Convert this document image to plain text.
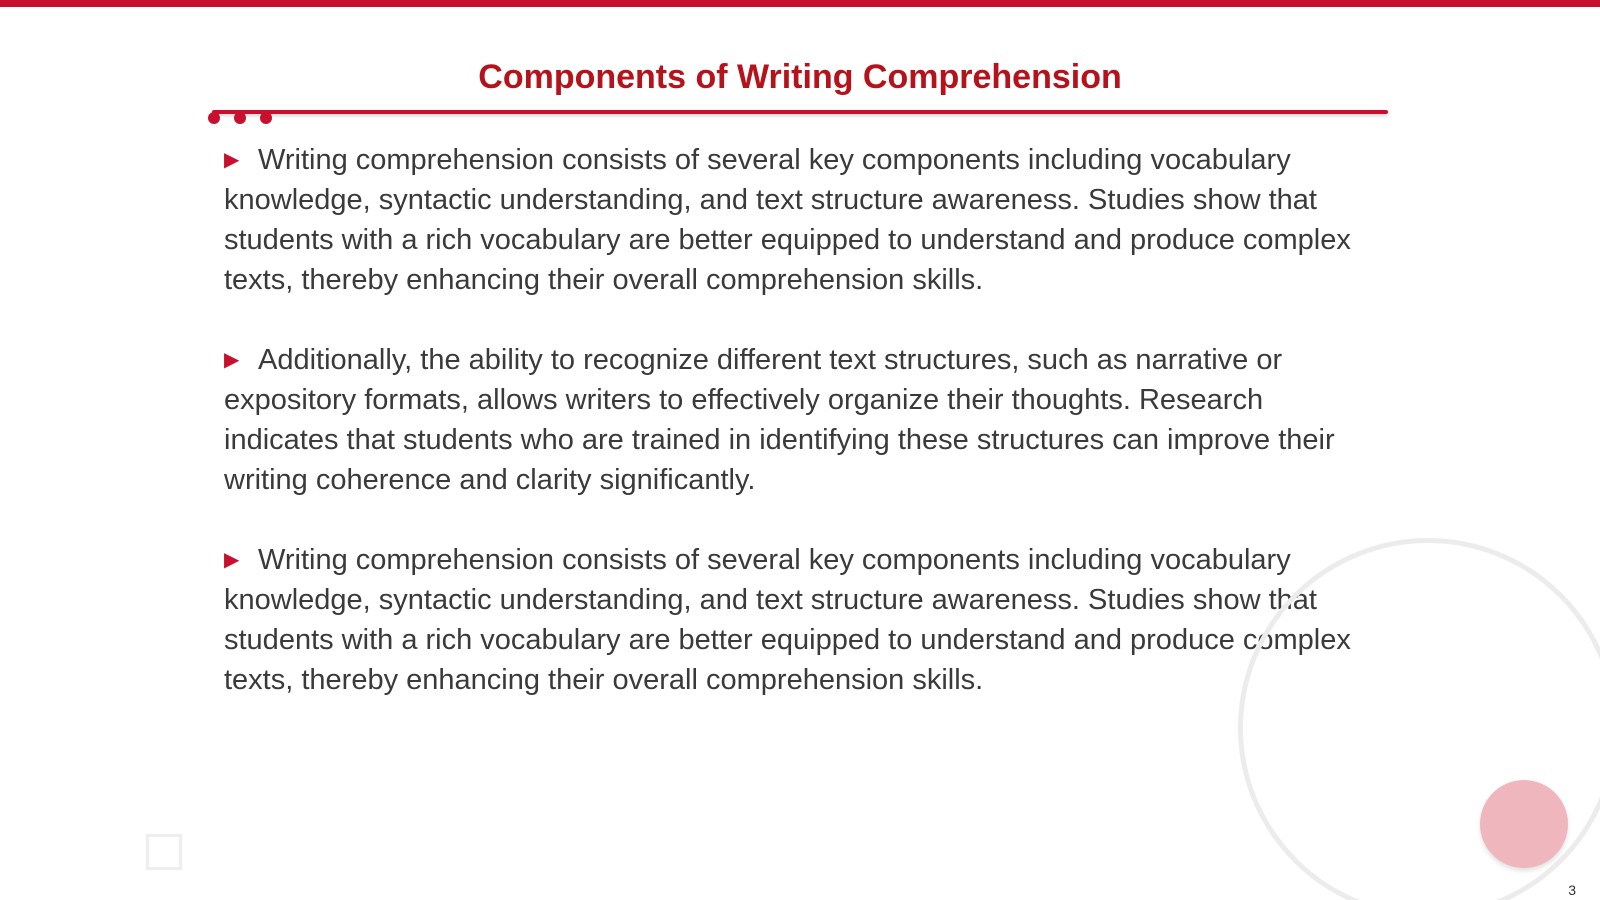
Components of Writing Comprehension

▶ Writing comprehension consists of several key components including vocabulary knowledge, syntactic understanding, and text structure awareness. Studies show that students with a rich vocabulary are better equipped to understand and produce complex texts, thereby enhancing their overall comprehension skills.

▶ Additionally, the ability to recognize different text structures, such as narrative or expository formats, allows writers to effectively organize their thoughts. Research indicates that students who are trained in identifying these structures can improve their writing coherence and clarity significantly.

▶ Writing comprehension consists of several key components including vocabulary knowledge, syntactic understanding, and text structure awareness. Studies show that students with a rich vocabulary are better equipped to understand and produce complex texts, thereby enhancing their overall comprehension skills.

3
